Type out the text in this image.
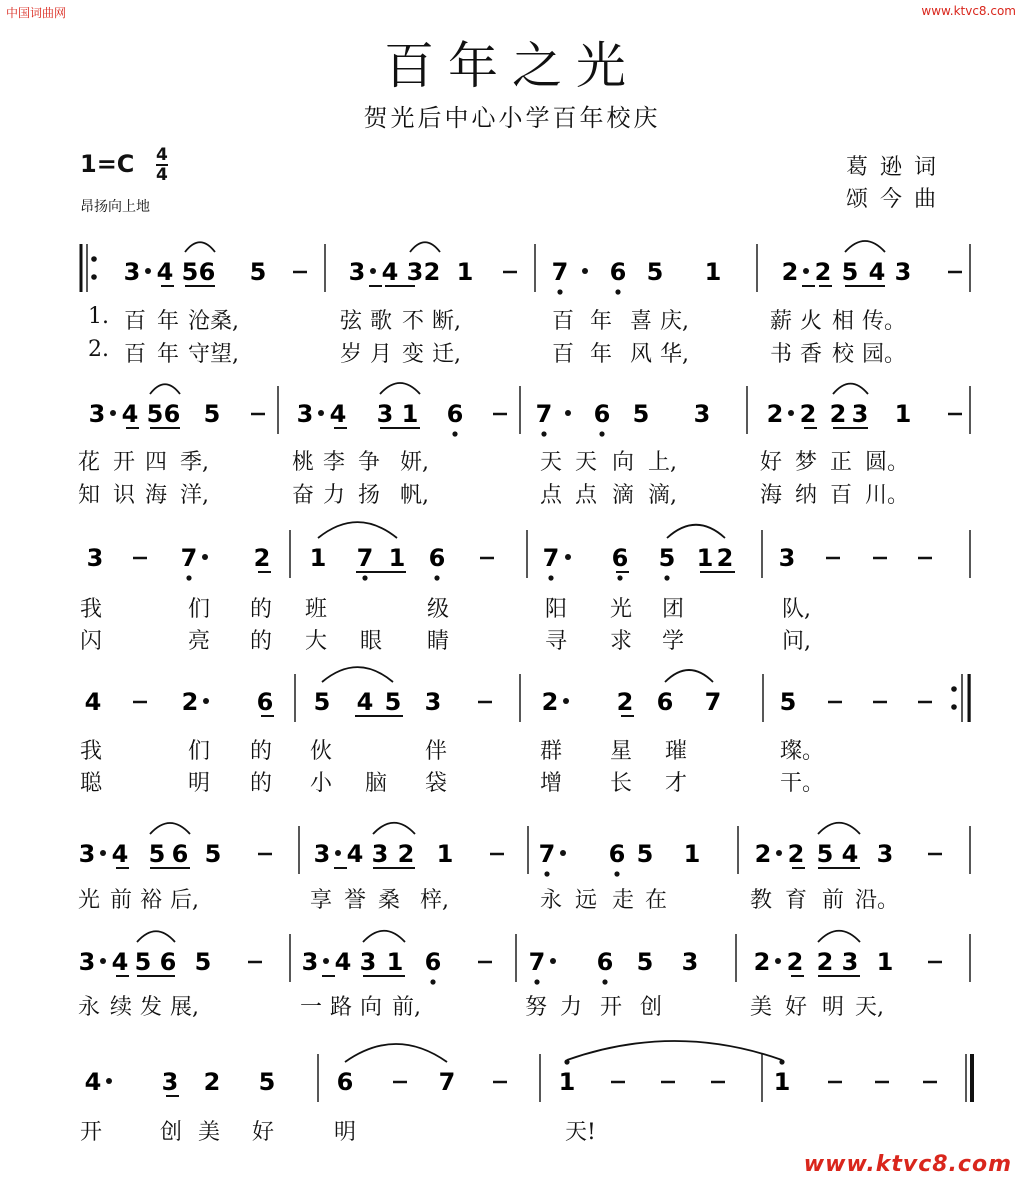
中国词曲网	www.ktvc8.com
百年之光
贺光后中心小学百年校庆
1=C 4
4
昂扬向上地
葛逊词
颂今曲
3 4 5 6 5	3 4 3 2 1	7 6 5 1	2 2 5 4 3
3 4 5 6 5	3 4 3 1 6	7 6 5 3 2 2 2 3 1
3	7 2 1 7 1 6	7 6 5 1 2 3
4	2 6 5 4 5 3	2 2 6 7 5
3 4 5 6 5	3 4 3 2 1	7 6 5 1 2 2 5 4 3
3 4 5 6 5	3 4 3 1 6	7 6 5 3 2 2 2 3 1
4	3 2 5	6	7	1	1
1. 百 年 沧 桑,	弦 歌 不 断,	百 年 喜 庆,	薪 火 相 传。
2. 百 年 守 望,	岁 月 变 迁,	百 年 风 华,	书 香 校 园。
花 开 四 季,	桃 李 争 妍,	天 天 向 上,	好 梦 正 圆。
知 识 海 洋,	奋 力 扬 帆,	点 点 滴 滴,	海 纳 百 川。
我	们 的 班	级	阳 光 团	队,
闪	亮 的 大 眼 睛	寻 求 学	问,
我	们 的 伙	伴	群 星 璀	璨。
聪	明 的 小 脑 袋	增 长 才	干。
光 前 裕 后,	享 誉 桑 梓,	永 远 走 在	教 育 前 沿。
永 续 发 展,	一 路 向 前,	努 力 开 创	美 好 明 天,
开	创 美 好	明	天!
www.ktvc8.com
